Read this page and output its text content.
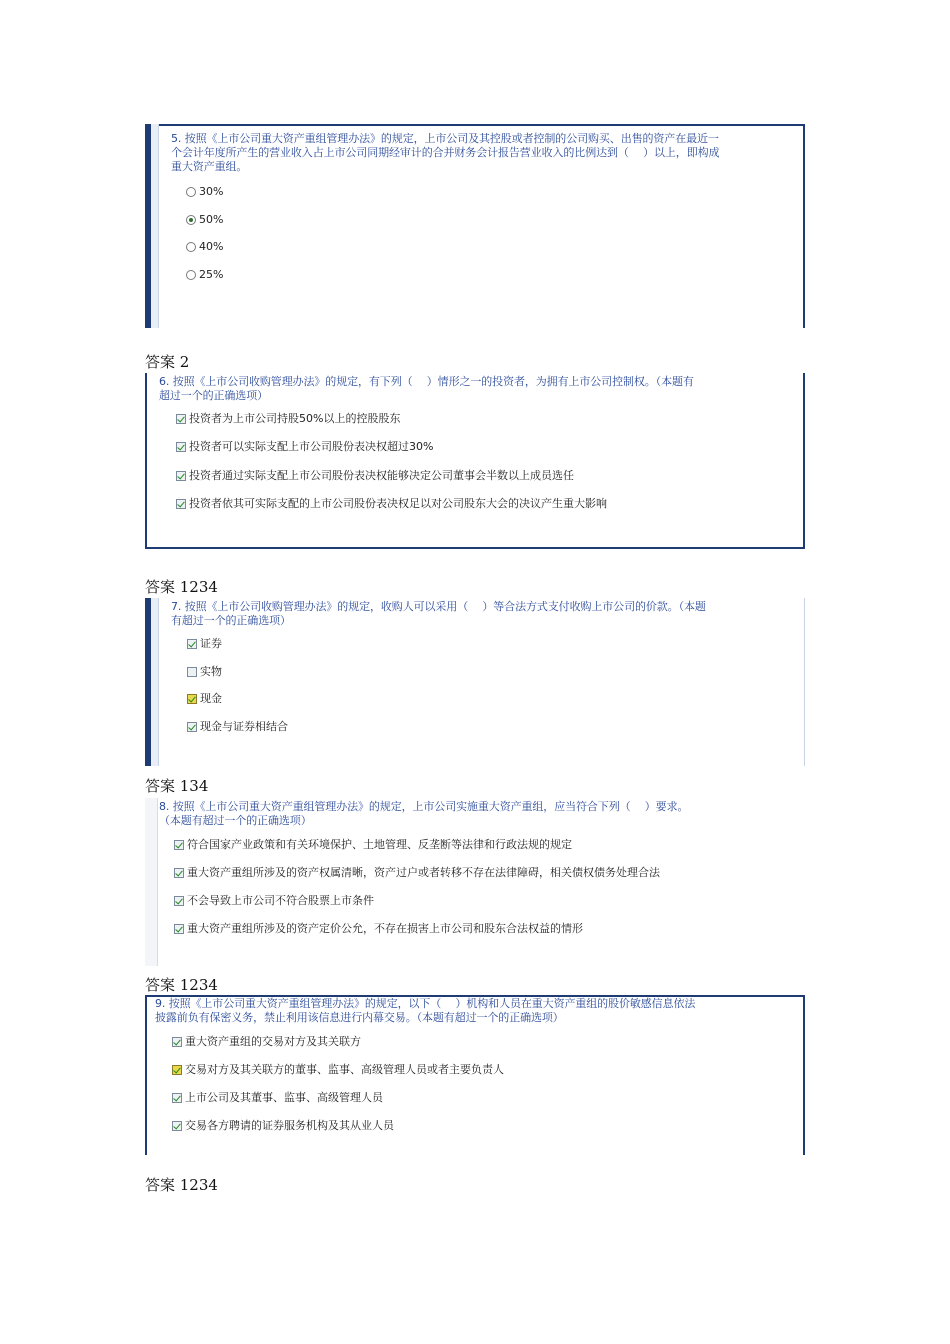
5. 按照《上市公司重大资产重组管理办法》的规定，上市公司及其控股或者控制的公司购买、出售的资产在最近一
个会计年度所产生的营业收入占上市公司同期经审计的合并财务会计报告营业收入的比例达到（　 ）以上，即构成
重大资产重组。
30%
50%
40%
25%
答案 2
6. 按照《上市公司收购管理办法》的规定，有下列（　 ）情形之一的投资者，为拥有上市公司控制权。（本题有
超过一个的正确选项）
投资者为上市公司持股50%以上的控股股东
投资者可以实际支配上市公司股份表决权超过30%
投资者通过实际支配上市公司股份表决权能够决定公司董事会半数以上成员选任
投资者依其可实际支配的上市公司股份表决权足以对公司股东大会的决议产生重大影响
答案 1234
7. 按照《上市公司收购管理办法》的规定，收购人可以采用（　 ）等合法方式支付收购上市公司的价款。（本题
有超过一个的正确选项）
证券
实物
现金
现金与证券相结合
答案 134
8. 按照《上市公司重大资产重组管理办法》的规定，上市公司实施重大资产重组，应当符合下列（　 ）要求。
（本题有超过一个的正确选项）
符合国家产业政策和有关环境保护、土地管理、反垄断等法律和行政法规的规定
重大资产重组所涉及的资产权属清晰，资产过户或者转移不存在法律障碍，相关债权债务处理合法
不会导致上市公司不符合股票上市条件
重大资产重组所涉及的资产定价公允，不存在损害上市公司和股东合法权益的情形
答案 1234
9. 按照《上市公司重大资产重组管理办法》的规定，以下（　 ）机构和人员在重大资产重组的股价敏感信息依法
披露前负有保密义务，禁止利用该信息进行内幕交易。（本题有超过一个的正确选项）
重大资产重组的交易对方及其关联方
交易对方及其关联方的董事、监事、高级管理人员或者主要负责人
上市公司及其董事、监事、高级管理人员
交易各方聘请的证券服务机构及其从业人员
答案 1234
